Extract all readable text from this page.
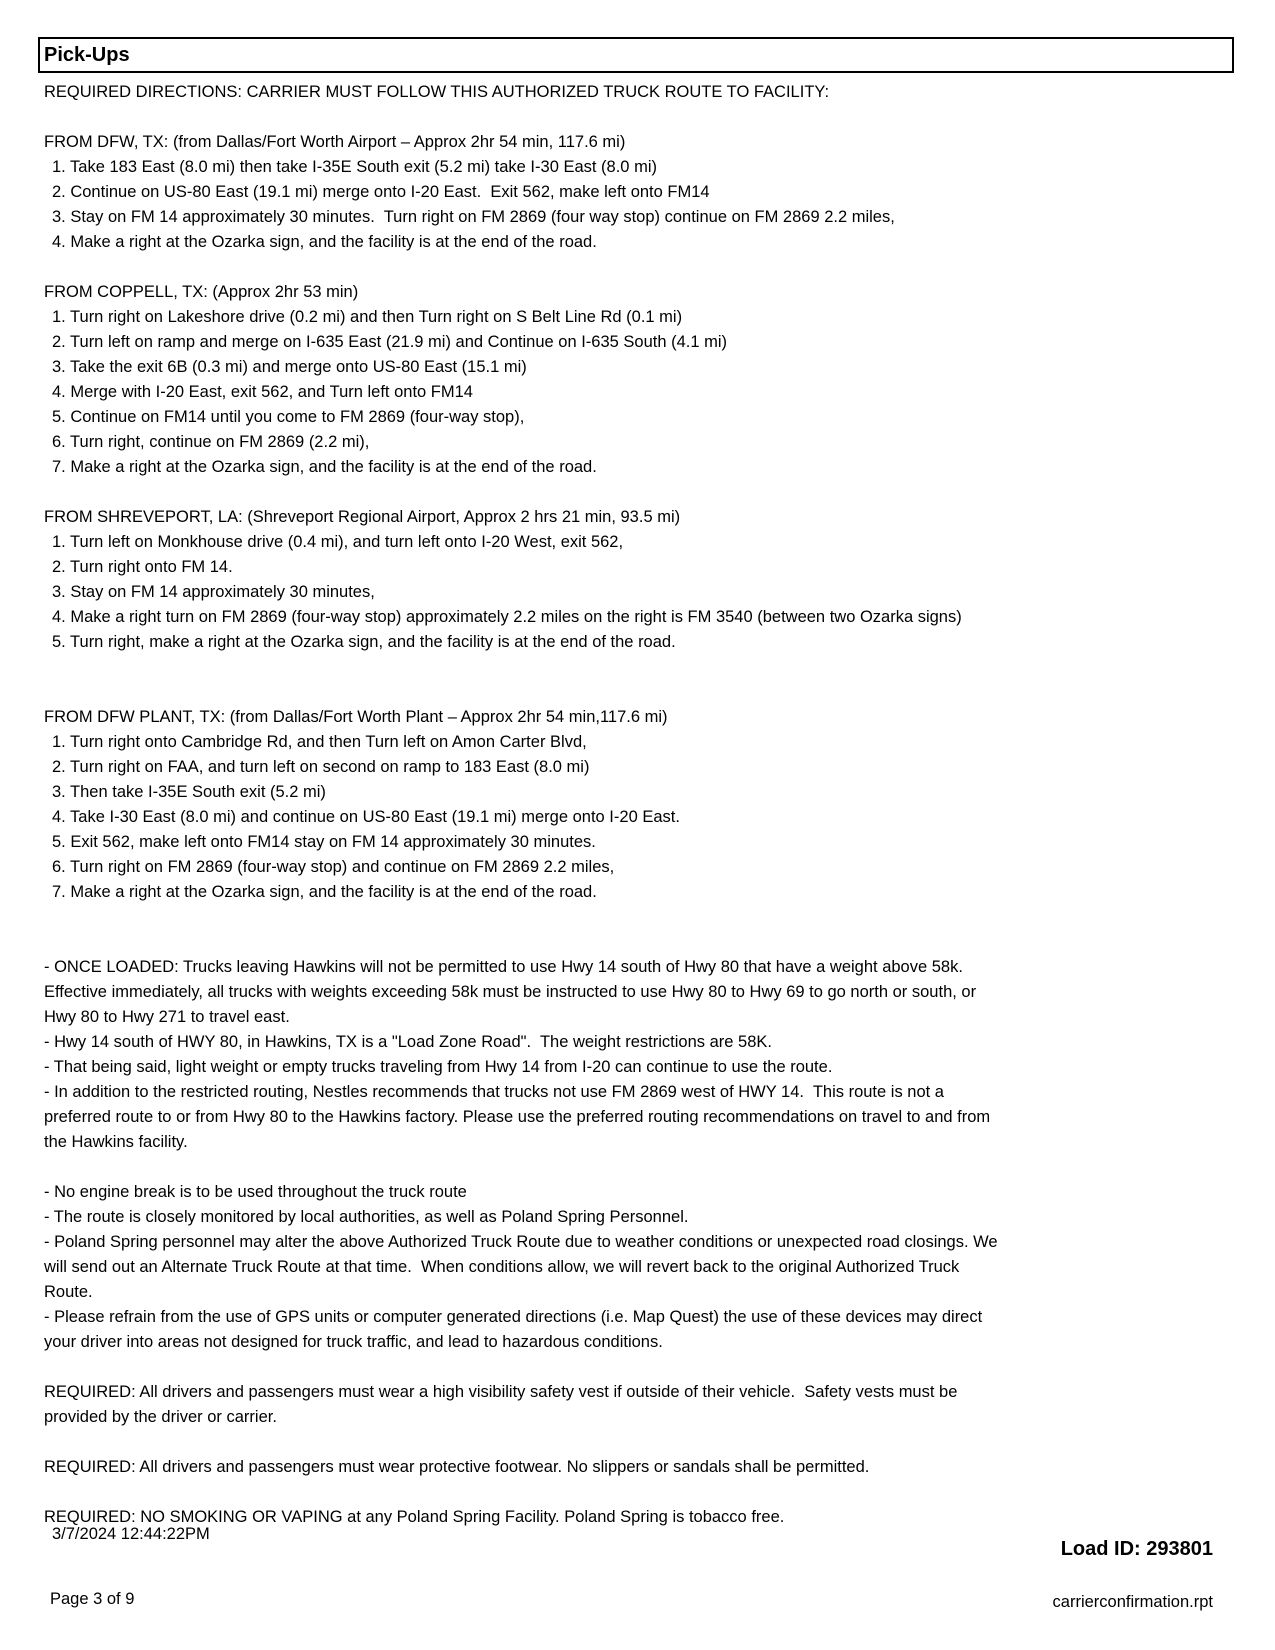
Pick-Ups
REQUIRED DIRECTIONS: CARRIER MUST FOLLOW THIS AUTHORIZED TRUCK ROUTE TO FACILITY:
FROM DFW, TX: (from Dallas/Fort Worth Airport – Approx 2hr 54 min, 117.6 mi)
1. Take 183 East (8.0 mi) then take I-35E South exit (5.2 mi) take I-30 East (8.0 mi)
2. Continue on US-80 East (19.1 mi) merge onto I-20 East.  Exit 562, make left onto FM14
3. Stay on FM 14 approximately 30 minutes.  Turn right on FM 2869 (four way stop) continue on FM 2869 2.2 miles,
4. Make a right at the Ozarka sign, and the facility is at the end of the road.
FROM COPPELL, TX: (Approx 2hr 53 min)
1. Turn right on Lakeshore drive (0.2 mi) and then Turn right on S Belt Line Rd (0.1 mi)
2. Turn left on ramp and merge on I-635 East (21.9 mi) and Continue on I-635 South (4.1 mi)
3. Take the exit 6B (0.3 mi) and merge onto US-80 East (15.1 mi)
4. Merge with I-20 East, exit 562, and Turn left onto FM14
5. Continue on FM14 until you come to FM 2869 (four-way stop),
6. Turn right, continue on FM 2869 (2.2 mi),
7. Make a right at the Ozarka sign, and the facility is at the end of the road.
FROM SHREVEPORT, LA: (Shreveport Regional Airport, Approx 2 hrs 21 min, 93.5 mi)
1. Turn left on Monkhouse drive (0.4 mi), and turn left onto I-20 West, exit 562,
2. Turn right onto FM 14.
3. Stay on FM 14 approximately 30 minutes,
4. Make a right turn on FM 2869 (four-way stop) approximately 2.2 miles on the right is FM 3540 (between two Ozarka signs)
5. Turn right, make a right at the Ozarka sign, and the facility is at the end of the road.
FROM DFW PLANT, TX: (from Dallas/Fort Worth Plant – Approx 2hr 54 min,117.6 mi)
1. Turn right onto Cambridge Rd, and then Turn left on Amon Carter Blvd,
2. Turn right on FAA, and turn left on second on ramp to 183 East (8.0 mi)
3. Then take I-35E South exit (5.2 mi)
4. Take I-30 East (8.0 mi) and continue on US-80 East (19.1 mi) merge onto I-20 East.
5. Exit 562, make left onto FM14 stay on FM 14 approximately 30 minutes.
6. Turn right on FM 2869 (four-way stop) and continue on FM 2869 2.2 miles,
7. Make a right at the Ozarka sign, and the facility is at the end of the road.
- ONCE LOADED: Trucks leaving Hawkins will not be permitted to use Hwy 14 south of Hwy 80 that have a weight above 58k.
Effective immediately, all trucks with weights exceeding 58k must be instructed to use Hwy 80 to Hwy 69 to go north or south, or
Hwy 80 to Hwy 271 to travel east.
- Hwy 14 south of HWY 80, in Hawkins, TX is a "Load Zone Road".  The weight restrictions are 58K.
- That being said, light weight or empty trucks traveling from Hwy 14 from I-20 can continue to use the route.
- In addition to the restricted routing, Nestles recommends that trucks not use FM 2869 west of HWY 14.  This route is not a
preferred route to or from Hwy 80 to the Hawkins factory. Please use the preferred routing recommendations on travel to and from
the Hawkins facility.
- No engine break is to be used throughout the truck route
- The route is closely monitored by local authorities, as well as Poland Spring Personnel.
- Poland Spring personnel may alter the above Authorized Truck Route due to weather conditions or unexpected road closings. We
will send out an Alternate Truck Route at that time.  When conditions allow, we will revert back to the original Authorized Truck
Route.
- Please refrain from the use of GPS units or computer generated directions (i.e. Map Quest) the use of these devices may direct
your driver into areas not designed for truck traffic, and lead to hazardous conditions.
REQUIRED: All drivers and passengers must wear a high visibility safety vest if outside of their vehicle.  Safety vests must be
provided by the driver or carrier.
REQUIRED: All drivers and passengers must wear protective footwear. No slippers or sandals shall be permitted.
REQUIRED: NO SMOKING OR VAPING at any Poland Spring Facility. Poland Spring is tobacco free.
3/7/2024 12:44:22PM
Page 3 of 9
Load ID: 293801
carrierconfirmation.rpt
